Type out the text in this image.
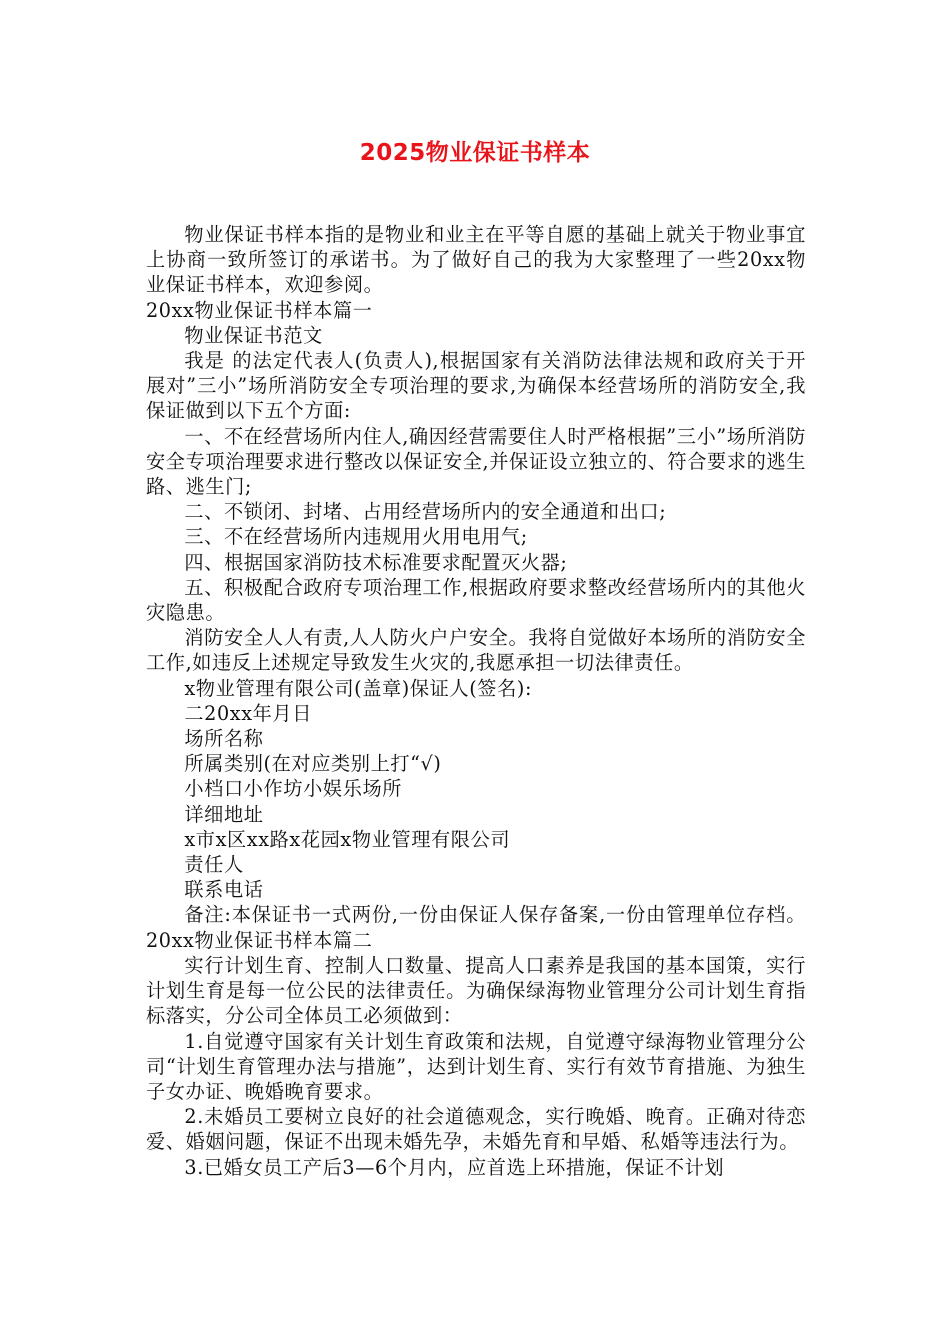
2025物业保证书样本

物业保证书样本指的是物业和业主在平等自愿的基础上就关于物业事宜上协商一致所签订的承诺书。为了做好自己的我为大家整理了一些20xx物业保证书样本，欢迎参阅。

20xx物业保证书样本篇一

物业保证书范文

我是 的法定代表人(负责人),根据国家有关消防法律法规和政府关于开展对”三小”场所消防安全专项治理的要求,为确保本经营场所的消防安全,我保证做到以下五个方面:

一、不在经营场所内住人,确因经营需要住人时严格根据”三小”场所消防安全专项治理要求进行整改以保证安全,并保证设立独立的、符合要求的逃生路、逃生门;

二、不锁闭、封堵、占用经营场所内的安全通道和出口;

三、不在经营场所内违规用火用电用气;

四、根据国家消防技术标准要求配置灭火器;

五、积极配合政府专项治理工作,根据政府要求整改经营场所内的其他火灾隐患。

消防安全人人有责,人人防火户户安全。我将自觉做好本场所的消防安全工作,如违反上述规定导致发生火灾的,我愿承担一切法律责任。

x物业管理有限公司(盖章)保证人(签名):

二20xx年月日

场所名称

所属类别(在对应类别上打“√)

小档口小作坊小娱乐场所

详细地址

x市x区xx路x花园x物业管理有限公司

责任人

联系电话

备注:本保证书一式两份,一份由保证人保存备案,一份由管理单位存档。20xx物业保证书样本篇二

实行计划生育、控制人口数量、提高人口素养是我国的基本国策，实行计划生育是每一位公民的法律责任。为确保绿海物业管理分公司计划生育指标落实，分公司全体员工必须做到：

1.自觉遵守国家有关计划生育政策和法规，自觉遵守绿海物业管理分公司“计划生育管理办法与措施”，达到计划生育、实行有效节育措施、为独生子女办证、晚婚晚育要求。

2.未婚员工要树立良好的社会道德观念，实行晚婚、晚育。正确对待恋爱、婚姻问题，保证不出现未婚先孕，未婚先育和早婚、私婚等违法行为。

3.已婚女员工产后3—6个月内，应首选上环措施，保证不计划
